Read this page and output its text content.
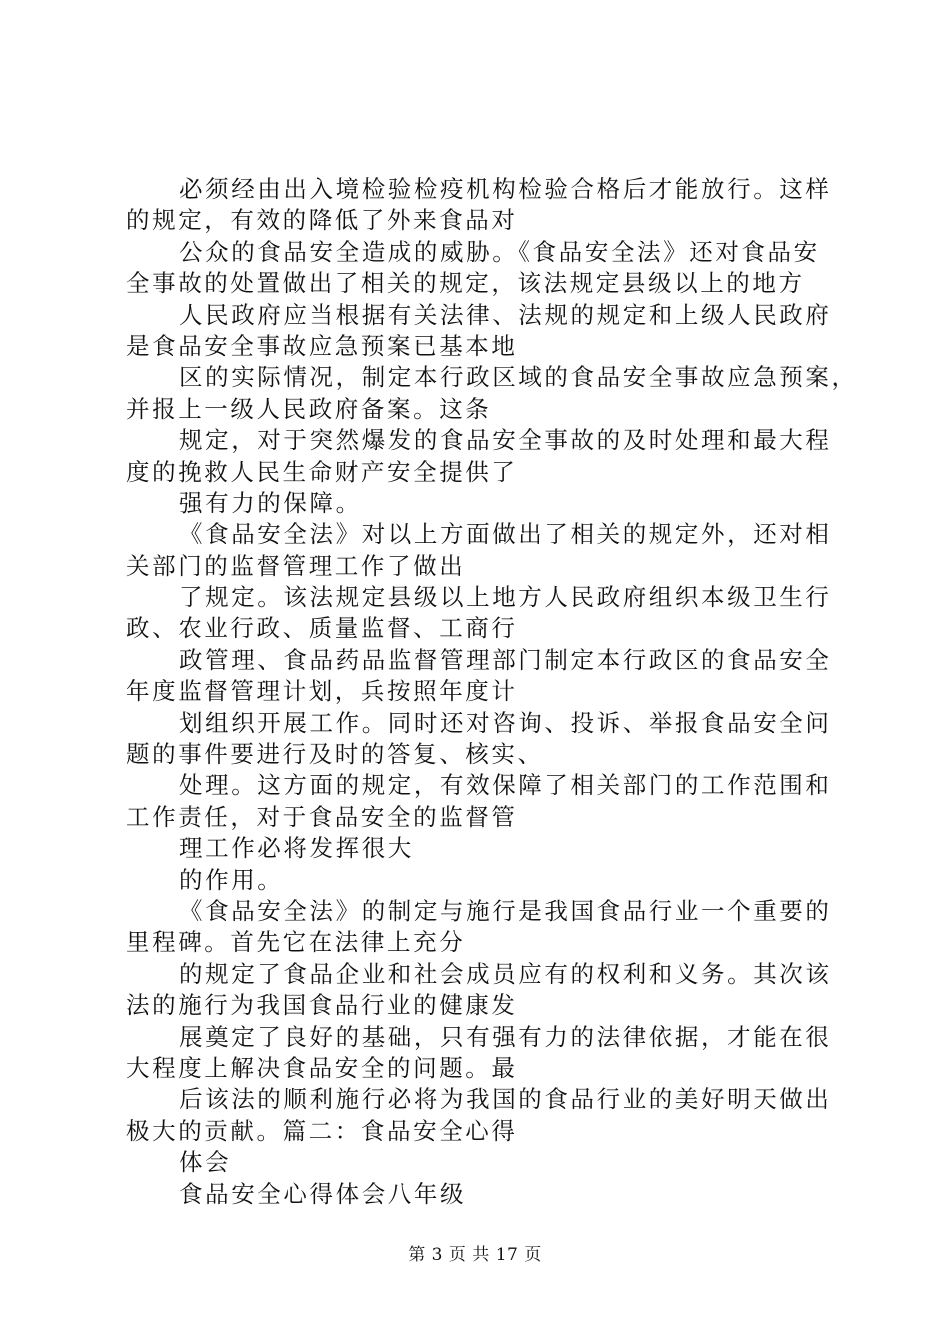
必须经由出入境检验检疫机构检验合格后才能放行。这样
的规定，有效的降低了外来食品对
公众的食品安全造成的威胁。《食品安全法》还对食品安
全事故的处置做出了相关的规定，该法规定县级以上的地方
人民政府应当根据有关法律、法规的规定和上级人民政府
是食品安全事故应急预案已基本地
区的实际情况，制定本行政区域的食品安全事故应急预案，
并报上一级人民政府备案。这条
规定，对于突然爆发的食品安全事故的及时处理和最大程
度的挽救人民生命财产安全提供了
强有力的保障。
《食品安全法》对以上方面做出了相关的规定外，还对相
关部门的监督管理工作了做出
了规定。该法规定县级以上地方人民政府组织本级卫生行
政、农业行政、质量监督、工商行
政管理、食品药品监督管理部门制定本行政区的食品安全
年度监督管理计划，兵按照年度计
划组织开展工作。同时还对咨询、投诉、举报食品安全问
题的事件要进行及时的答复、核实、
处理。这方面的规定，有效保障了相关部门的工作范围和
工作责任，对于食品安全的监督管
理工作必将发挥很大
的作用。
《食品安全法》的制定与施行是我国食品行业一个重要的
里程碑。首先它在法律上充分
的规定了食品企业和社会成员应有的权利和义务。其次该
法的施行为我国食品行业的健康发
展奠定了良好的基础，只有强有力的法律依据，才能在很
大程度上解决食品安全的问题。最
后该法的顺利施行必将为我国的食品行业的美好明天做出
极大的贡献。篇二：食品安全心得
体会
食品安全心得体会八年级
第 3 页 共 17 页
